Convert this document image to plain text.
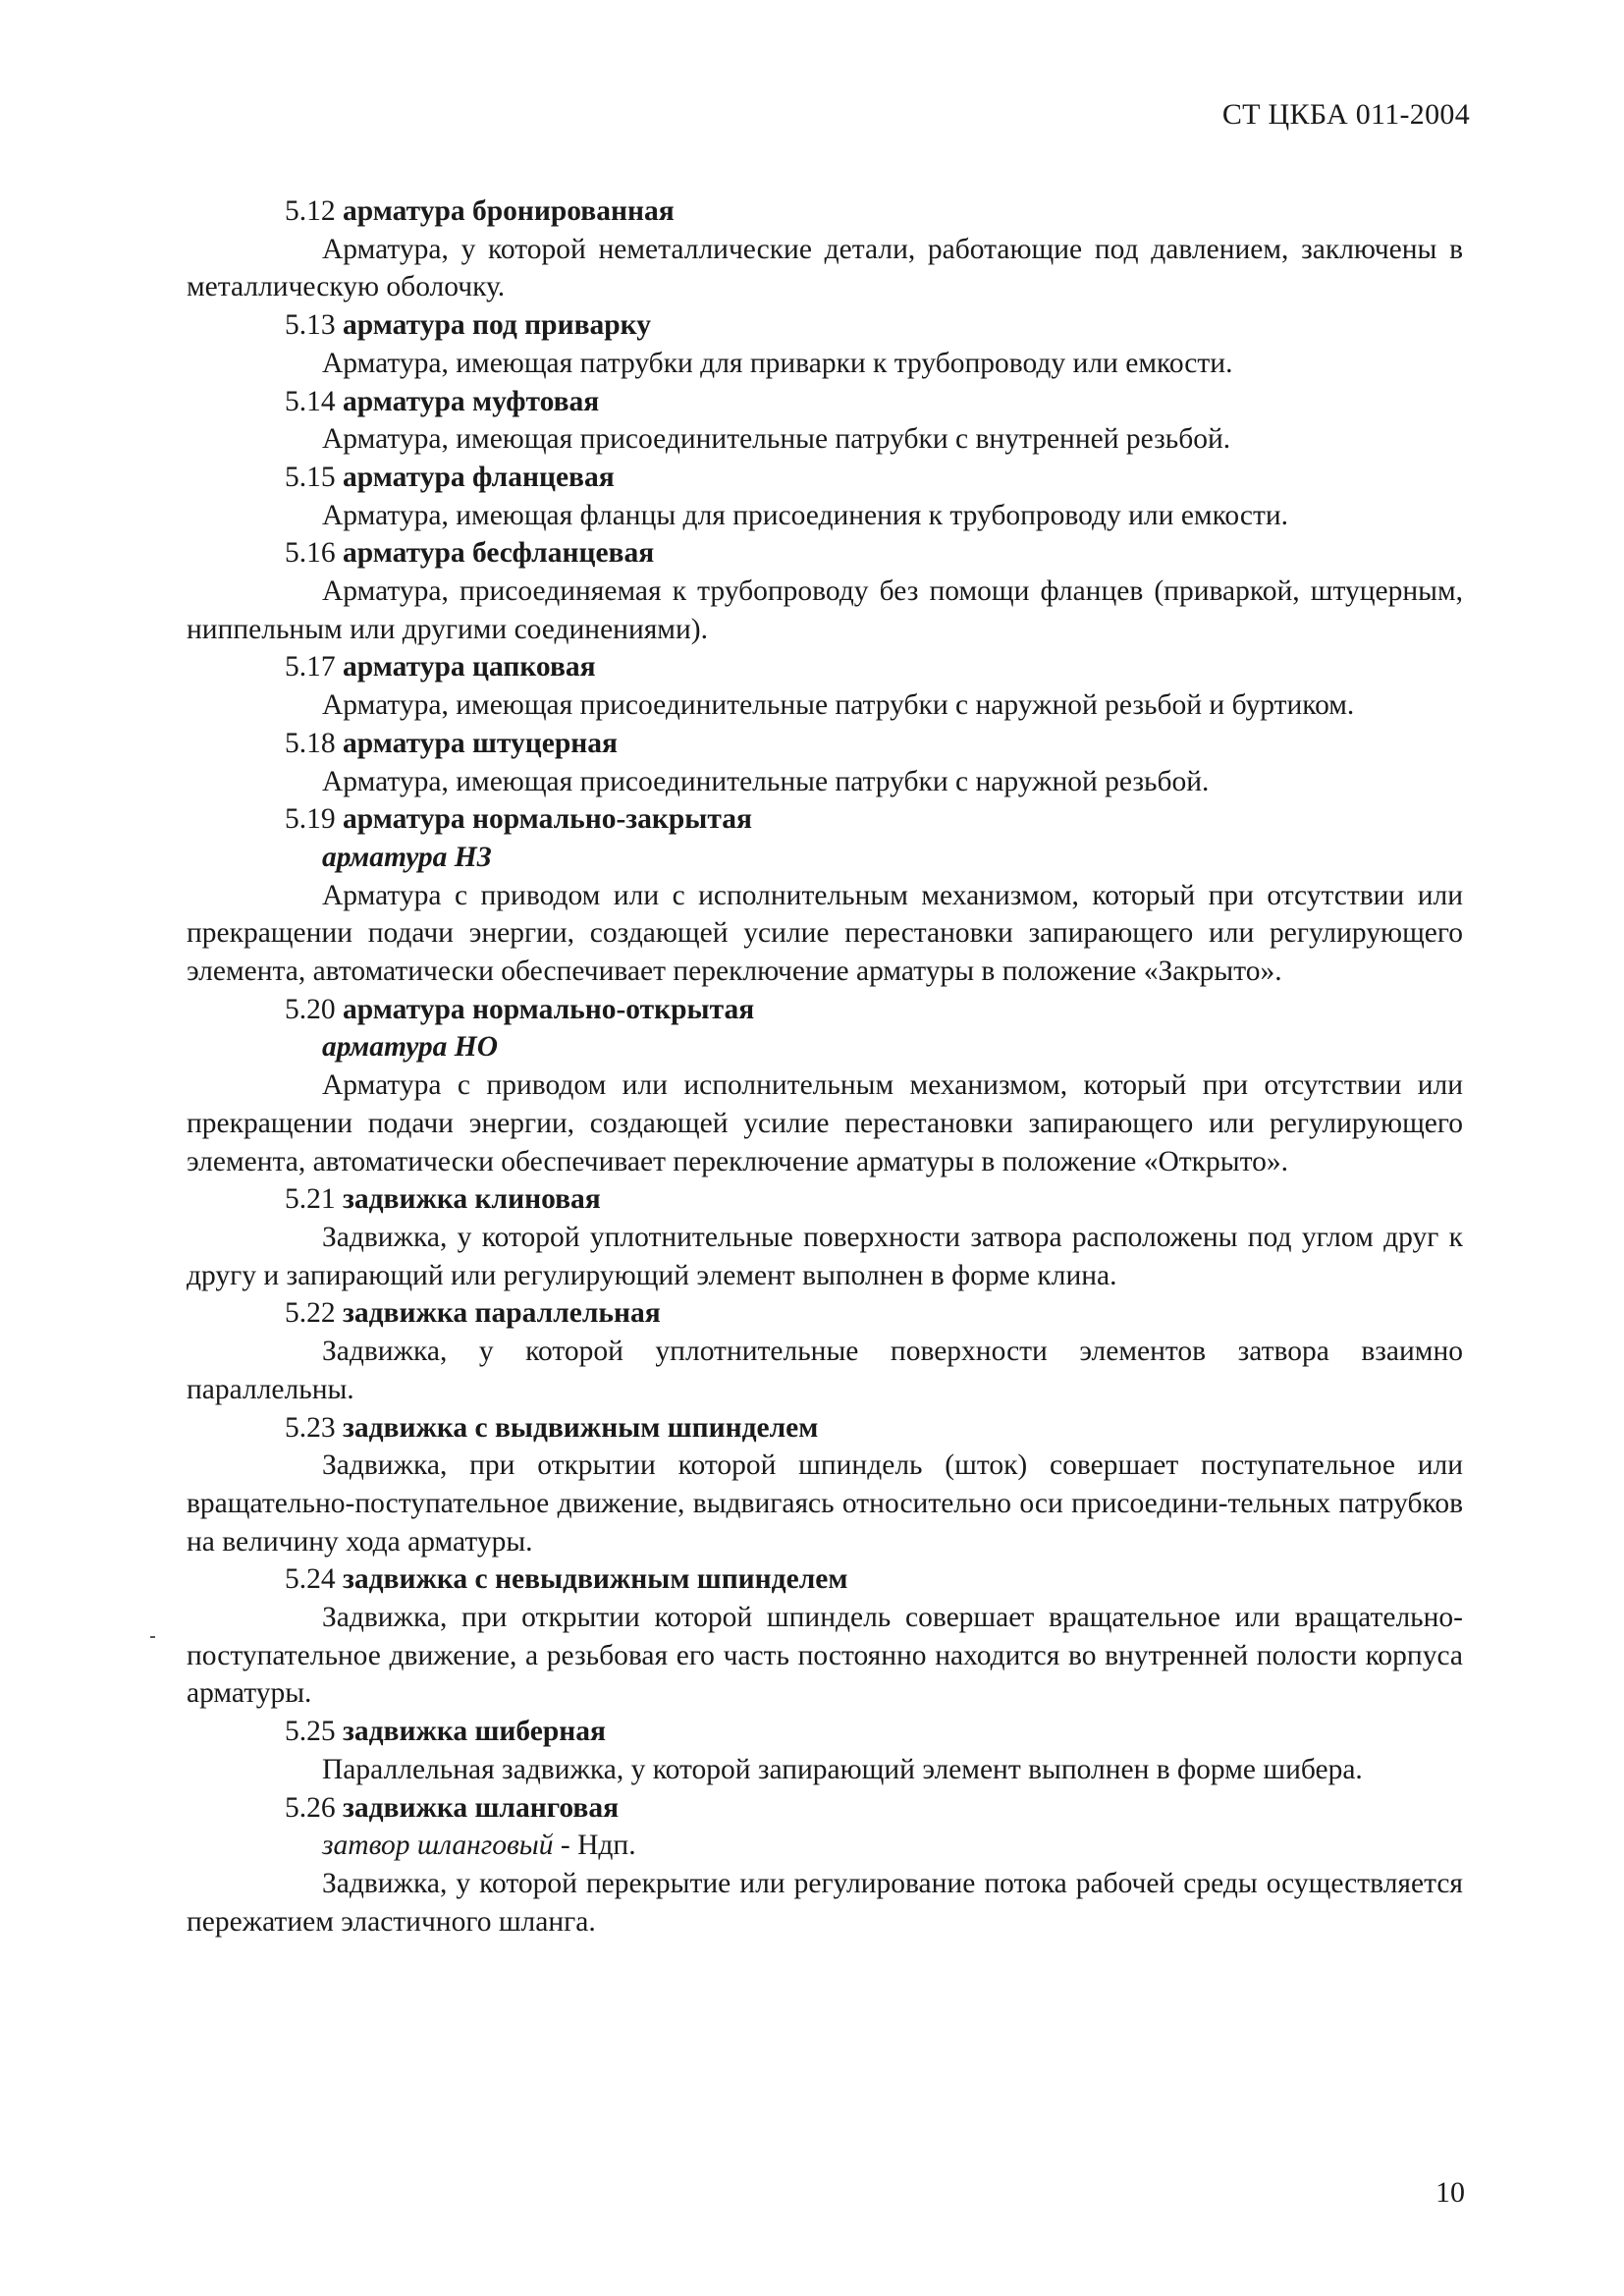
СТ ЦКБА 011-2004

5.12 арматура бронированная

Арматура, у которой неметаллические детали, работающие под давлением, заключены в металлическую оболочку.

5.13 арматура под приварку

Арматура, имеющая патрубки для приварки к трубопроводу или емкости.

5.14 арматура муфтовая

Арматура, имеющая присоединительные патрубки с внутренней резьбой.

5.15 арматура фланцевая

Арматура, имеющая фланцы для присоединения к трубопроводу или емкости.

5.16 арматура бесфланцевая

Арматура, присоединяемая к трубопроводу без помощи фланцев (приваркой, штуцерным, ниппельным или другими соединениями).

5.17 арматура цапковая

Арматура, имеющая присоединительные патрубки с наружной резьбой и буртиком.

5.18 арматура штуцерная

Арматура, имеющая присоединительные патрубки с наружной резьбой.

5.19 арматура нормально-закрытая

арматура НЗ

Арматура с приводом или с исполнительным механизмом, который при отсутствии или прекращении подачи энергии, создающей усилие перестановки запирающего или регулирующего элемента, автоматически обеспечивает переключение арматуры в положение «Закрыто».

5.20 арматура нормально-открытая

арматура НО

Арматура с приводом или исполнительным механизмом, который при отсутствии или прекращении подачи энергии, создающей усилие перестановки запирающего или регулирующего элемента, автоматически обеспечивает переключение арматуры в положение «Открыто».

5.21 задвижка клиновая

Задвижка, у которой уплотнительные поверхности затвора расположены под углом друг к другу и запирающий или регулирующий элемент выполнен в форме клина.

5.22 задвижка параллельная

Задвижка, у которой уплотнительные поверхности элементов затвора взаимно параллельны.

5.23 задвижка с выдвижным шпинделем

Задвижка, при открытии которой шпиндель (шток) совершает поступательное или вращательно-поступательное движение, выдвигаясь относительно оси присоедини-тельных патрубков на величину хода арматуры.

5.24 задвижка с невыдвижным шпинделем

Задвижка, при открытии которой шпиндель совершает вращательное или вращательно-поступательное движение, а резьбовая его часть постоянно находится во внутренней полости корпуса арматуры.

5.25 задвижка шиберная

Параллельная задвижка, у которой запирающий элемент выполнен в форме шибера.

5.26 задвижка шланговая

затвор шланговый - Ндп.

Задвижка, у которой перекрытие или регулирование потока рабочей среды осуществляется пережатием эластичного шланга.

10
